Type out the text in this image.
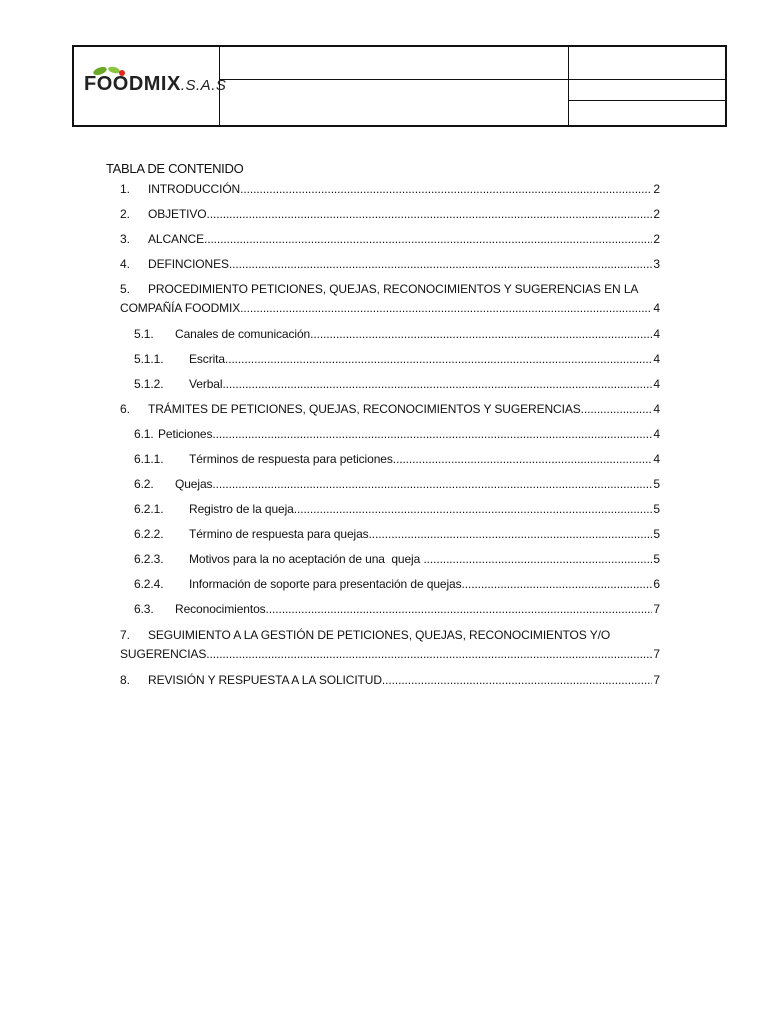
FOODMIX.S.A.S
TABLA DE CONTENIDO
1.	INTRODUCCIÓN .....	2
2.	OBJETIVO .....	2
3.	ALCANCE .....	2
4.	DEFINCIONES .....	3
5. PROCEDIMIENTO PETICIONES, QUEJAS, RECONOCIMIENTOS Y SUGERENCIAS EN LA
COMPAÑÍA FOODMIX. .....	4
5.1.	Canales de comunicación .....	4
5.1.1.	Escrita .....	4
5.1.2.	Verbal .....	4
6.	TRÁMITES DE PETICIONES, QUEJAS, RECONOCIMIENTOS Y SUGERENCIAS. .....	4
6.1. Peticiones .....	4
6.1.1.	Términos de respuesta para peticiones .....	4
6.2.	Quejas .....	5
6.2.1.	Registro de la queja .....	5
6.2.2.	Término de respuesta para quejas .....	5
6.2.3.	Motivos para la no aceptación de una  queja .....	5
6.2.4.	Información de soporte para presentación de quejas .....	6
6.3.	Reconocimientos .....	7
7. SEGUIMIENTO A LA GESTIÓN DE PETICIONES, QUEJAS, RECONOCIMIENTOS Y/O
SUGERENCIAS. .....	7
8.	REVISIÓN Y RESPUESTA A LA SOLICITUD. .....	7
